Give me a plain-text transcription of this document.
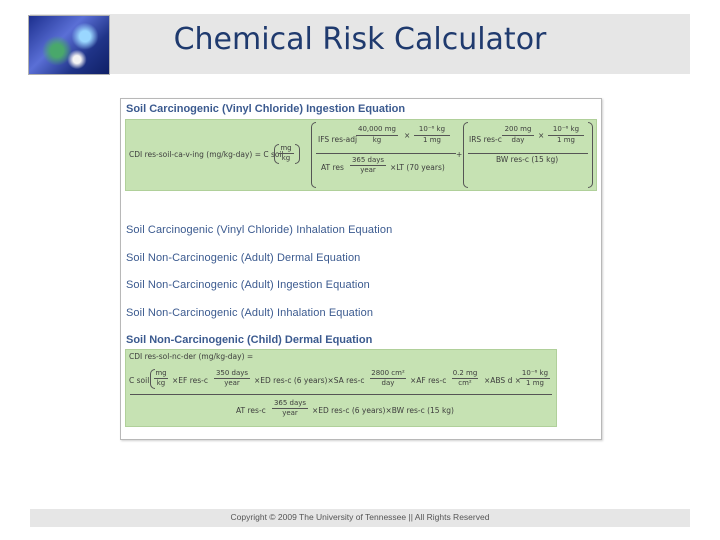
Chemical Risk Calculator
Soil Carcinogenic (Vinyl Chloride) Ingestion Equation
CDI res-soil-ca-v-ing (mg/kg-day) = C soil
mg
kg
IFS res-adj
40,000 mg
kg	×
10⁻⁶ kg
1 mg
AT res
365 days
year	×LT (70 years)
+
IRS res-c
200 mg
day	×
10⁻⁶ kg
1 mg
BW res-c (15 kg)
Soil Carcinogenic (Vinyl Chloride) Inhalation Equation
Soil Non-Carcinogenic (Adult) Dermal Equation
Soil Non-Carcinogenic (Adult) Ingestion Equation
Soil Non-Carcinogenic (Adult) Inhalation Equation
Soil Non-Carcinogenic (Child) Dermal Equation
CDI res-sol-nc-der (mg/kg-day) =
C soil
mg
kg ×EF res-c
350 days
year	×ED res-c (6 years)×SA res-c
2800 cm²
day	×AF res-c
0.2 mg
cm²	×ABS d ×
10⁻⁶ kg
1 mg
AT res-c
365 days
year	×ED res-c (6 years)×BW res-c (15 kg)
Copyright © 2009 The University of Tennessee || All Rights Reserved
